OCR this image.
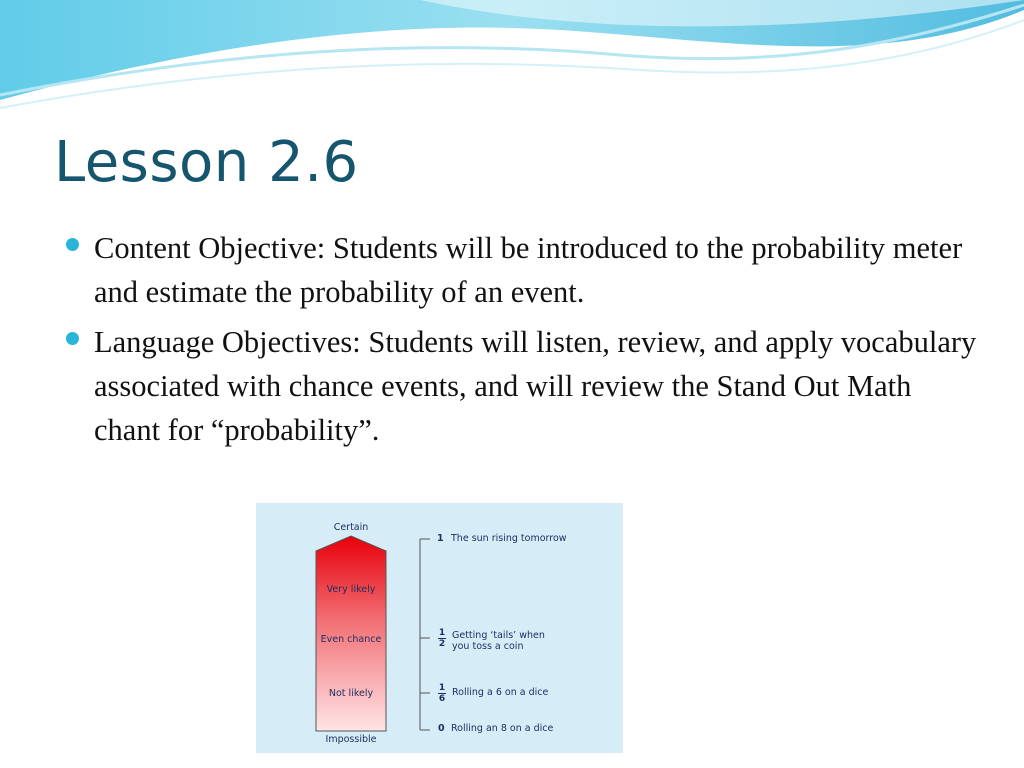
Lesson 2.6
Content Objective: Students will be introduced to the probability meter and estimate the probability of an event.
Language Objectives: Students will listen, review, and apply vocabulary associated with chance events, and will review the Stand Out Math chant for “probability”.
Certain
Very likely
Even chance
Not likely
Impossible
1 The sun rising tomorrow
1
2
Getting ‘tails’ when
you toss a coin
1
6
Rolling a 6 on a dice
0 Rolling an 8 on a dice
